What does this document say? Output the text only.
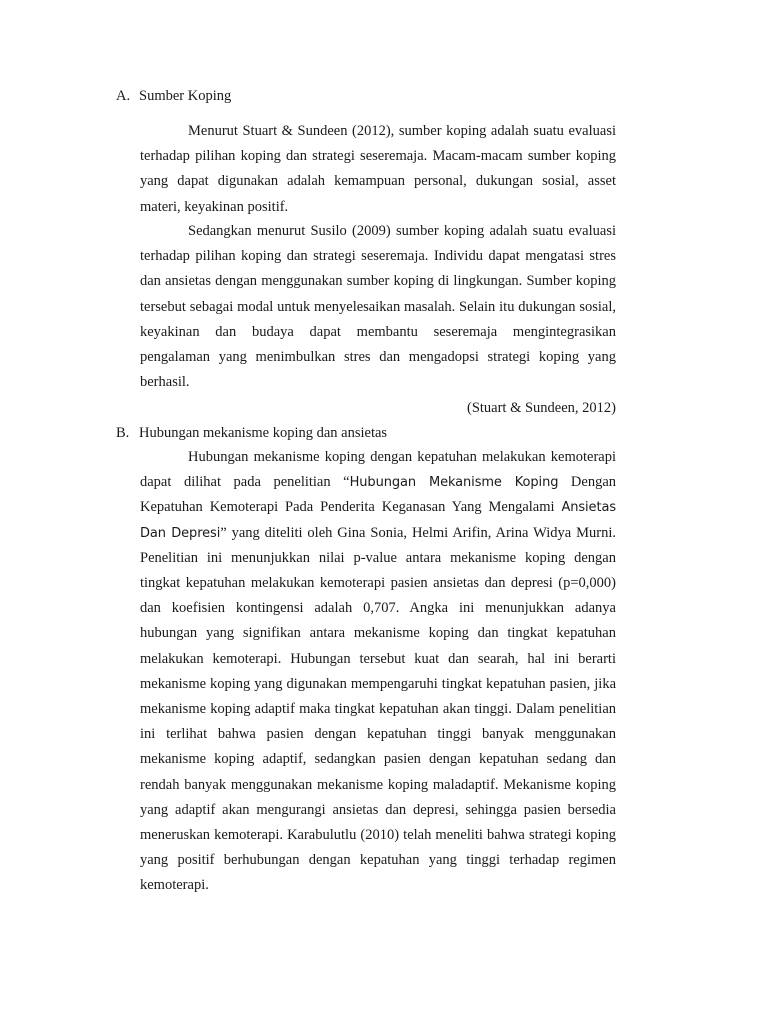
A. Sumber Koping

Menurut Stuart & Sundeen (2012), sumber koping adalah suatu evaluasi terhadap pilihan koping dan strategi seseremaja. Macam-macam sumber koping yang dapat digunakan adalah kemampuan personal, dukungan sosial, asset materi, keyakinan positif.

Sedangkan menurut Susilo (2009) sumber koping adalah suatu evaluasi terhadap pilihan koping dan strategi seseremaja. Individu dapat mengatasi stres dan ansietas dengan menggunakan sumber koping di lingkungan. Sumber koping tersebut sebagai modal untuk menyelesaikan masalah. Selain itu dukungan sosial, keyakinan dan budaya dapat membantu seseremaja mengintegrasikan pengalaman yang menimbulkan stres dan mengadopsi strategi koping yang berhasil.

(Stuart & Sundeen, 2012)
B. Hubungan mekanisme koping dan ansietas

Hubungan mekanisme koping dengan kepatuhan melakukan kemoterapi dapat dilihat pada penelitian “Hubungan Mekanisme Koping Dengan Kepatuhan Kemoterapi Pada Penderita Keganasan Yang Mengalami Ansietas Dan Depresi” yang diteliti oleh Gina Sonia, Helmi Arifin, Arina Widya Murni. Penelitian ini menunjukkan nilai p-value antara mekanisme koping dengan tingkat kepatuhan melakukan kemoterapi pasien ansietas dan depresi (p=0,000) dan koefisien kontingensi adalah 0,707. Angka ini menunjukkan adanya hubungan yang signifikan antara mekanisme koping dan tingkat kepatuhan melakukan kemoterapi. Hubungan tersebut kuat dan searah, hal ini berarti mekanisme koping yang digunakan mempengaruhi tingkat kepatuhan pasien, jika mekanisme koping adaptif maka tingkat kepatuhan akan tinggi. Dalam penelitian ini terlihat bahwa pasien dengan kepatuhan tinggi banyak menggunakan mekanisme koping adaptif, sedangkan pasien dengan kepatuhan sedang dan rendah banyak menggunakan mekanisme koping maladaptif. Mekanisme koping yang adaptif akan mengurangi ansietas dan depresi, sehingga pasien bersedia meneruskan kemoterapi. Karabulutlu (2010) telah meneliti bahwa strategi koping yang positif berhubungan dengan kepatuhan yang tinggi terhadap regimen kemoterapi.
